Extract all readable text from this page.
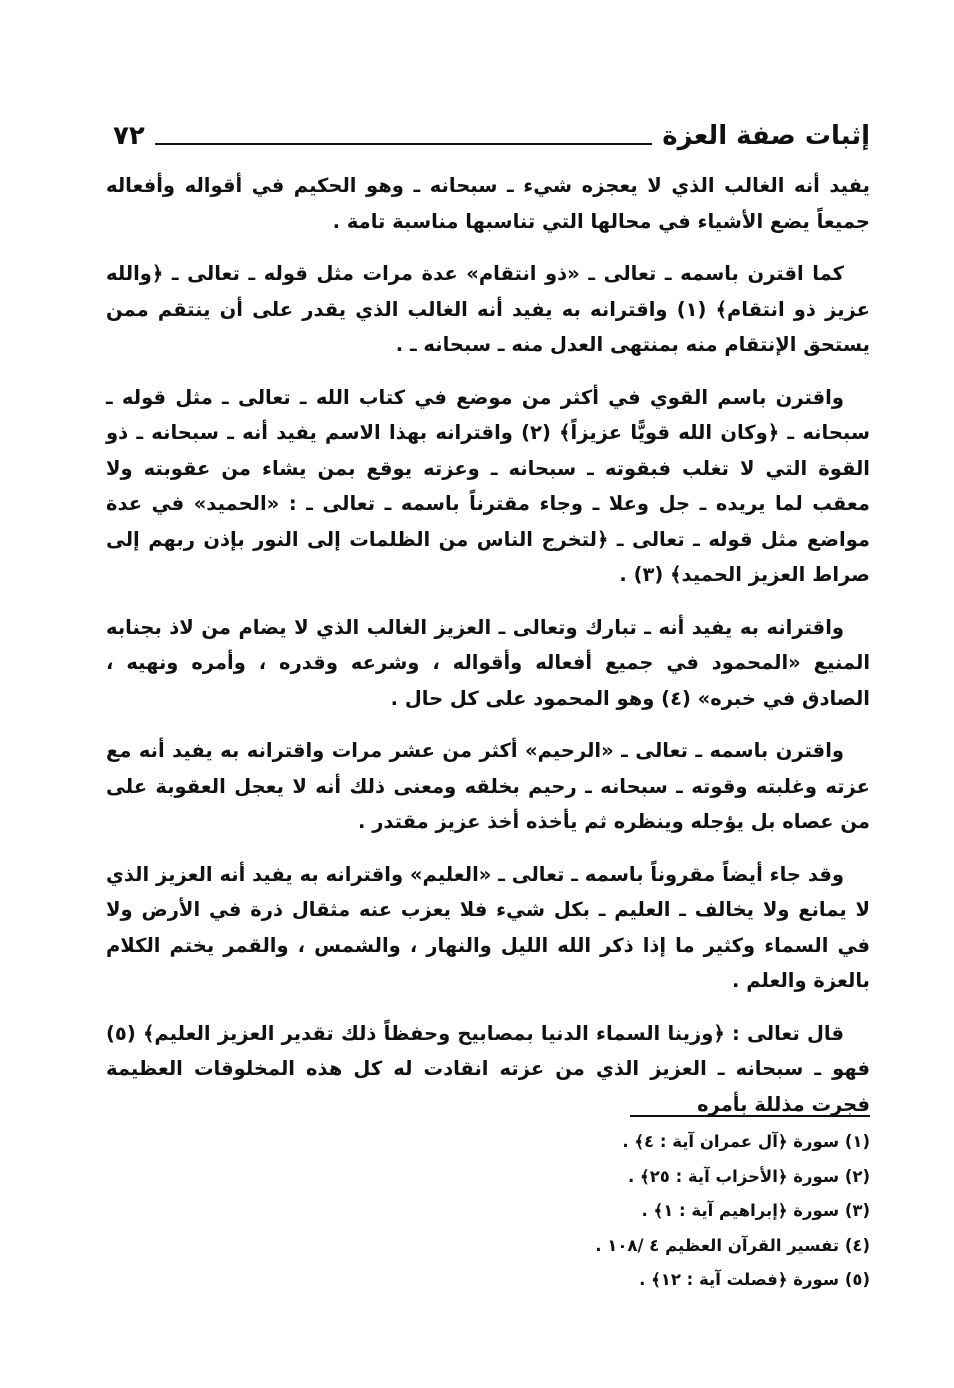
إثبات صفة العزة
٧٢

يفيد أنه الغالب الذي لا يعجزه شيء ـ سبحانه ـ وهو الحكيم في أقواله وأفعاله جميعاً يضع الأشياء في محالها التي تناسبها مناسبة تامة .

كما اقترن باسمه ـ تعالى ـ «ذو انتقام» عدة مرات مثل قوله ـ تعالى ـ ﴿والله عزيز ذو انتقام﴾ (١) واقترانه به يفيد أنه الغالب الذي يقدر على أن ينتقم ممن يستحق الإنتقام منه بمنتهى العدل منه ـ سبحانه ـ .

واقترن باسم القوي في أكثر من موضع في كتاب الله ـ تعالى ـ مثل قوله ـ سبحانه ـ ﴿وكان الله قويًّا عزيزاً﴾ (٢) واقترانه بهذا الاسم يفيد أنه ـ سبحانه ـ ذو القوة التي لا تغلب فبقوته ـ سبحانه ـ وعزته يوقع بمن يشاء من عقوبته ولا معقب لما يريده ـ جل وعلا ـ وجاء مقترناً باسمه ـ تعالى ـ : «الحميد» في عدة مواضع مثل قوله ـ تعالى ـ ﴿لتخرج الناس من الظلمات إلى النور بإذن ربهم إلى صراط العزيز الحميد﴾ (٣) .

واقترانه به يفيد أنه ـ تبارك وتعالى ـ العزيز الغالب الذي لا يضام من لاذ بجنابه المنيع «المحمود في جميع أفعاله وأقواله ، وشرعه وقدره ، وأمره ونهيه ، الصادق في خبره» (٤) وهو المحمود على كل حال .

واقترن باسمه ـ تعالى ـ «الرحيم» أكثر من عشر مرات واقترانه به يفيد أنه مع عزته وغلبته وقوته ـ سبحانه ـ رحيم بخلقه ومعنى ذلك أنه لا يعجل العقوبة على من عصاه بل يؤجله وينظره ثم يأخذه أخذ عزيز مقتدر .

وقد جاء أيضاً مقروناً باسمه ـ تعالى ـ «العليم» واقترانه به يفيد أنه العزيز الذي لا يمانع ولا يخالف ـ العليم ـ بكل شيء فلا يعزب عنه مثقال ذرة في الأرض ولا في السماء وكثير ما إذا ذكر الله الليل والنهار ، والشمس ، والقمر يختم الكلام بالعزة والعلم .

قال تعالى : ﴿وزينا السماء الدنيا بمصابيح وحفظاً ذلك تقدير العزيز العليم﴾ (٥) فهو ـ سبحانه ـ العزيز الذي من عزته انقادت له كل هذه المخلوقات العظيمة فجرت مذللة بأمره

(١) سورة ﴿آل عمران آية : ٤﴾ .
(٢) سورة ﴿الأحزاب آية : ٢٥﴾ .
(٣) سورة ﴿إبراهيم آية : ١﴾ .
(٤) تفسير القرآن العظيم ٤ /١٠٨ .
(٥) سورة ﴿فصلت آية : ١٢﴾ .
